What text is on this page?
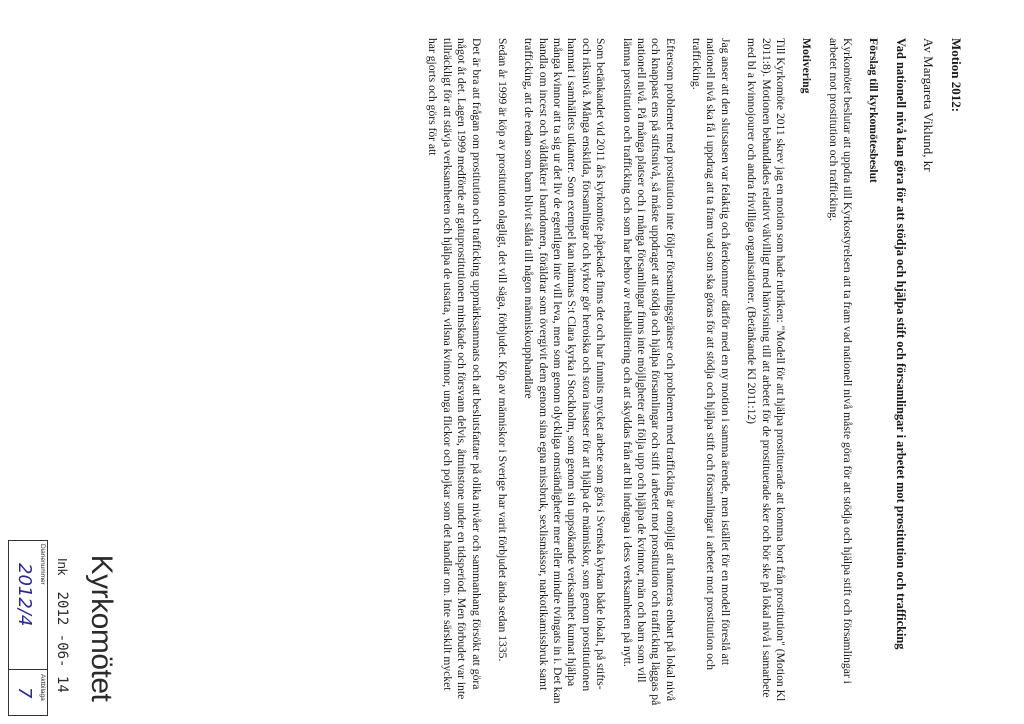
Motion 2012:

Av Margareta Viklund, kr

Vad nationell nivå kan göra för att stödja och hjälpa stift och församlingar i arbetet mot prostitution och trafficking

Förslag till kyrkomötesbeslut

Kyrkomötet beslutar att uppdra till Kyrkostyrelsen att ta fram vad nationell nivå måste göra för att stödja och hjälpa stift och församlingar i arbetet mot prostitution och trafficking.

Motivering

Till Kyrkomöte 2011 skrev jag en motion som hade rubriken: "Modell för att hjälpa prostituerade att komma bort från prostitution" (Motion Kl 2011:8). Motionen behandlades relativt välvilligt med hänvisning till att arbetet för de prostituerade sker och bör ske på lokal nivå i samarbete med bl a kvinnojourer och andra frivilliga organisationer. (Betänkande Kl 2011:12)

Jag anser att den slutsatsen var felaktig och återkommer därför med en ny motion i samma ärende, men istället för en modell föreslå att nationell nivå ska få i uppdrag att ta fram vad som ska göras för att stödja och hjälpa stift och församlingar i arbetet mot prostitution och trafficking.

Eftersom problemet med prostitution inte följer församlingsgränser och problemen med trafficking är omöjligt att hanteras enbart på lokal nivå och knappast ens på stiftsnivå, så måste uppdraget att stödja och hjälpa församlingar och stift i arbetet mot prostitution och trafficking läggas på nationell nivå. På många platser och i många församlingar finns inte möjligheter att följa upp och hjälpa de kvinnor, män och barn som vill lämna prostitution och trafficking och som har behov av rehabilitering och att skyddas från att bli indragna i dess verksamheten på nytt.

Som betänkandet vid 2011 års kyrkomöte påpekade finns det och har funnits mycket arbete som görs i Svenska kyrkan både lokalt, på stifts- och riksnivå. Många enskilda, församlingar och kyrkor gör heroiska och stora insatser för att hjälpa de människor, som genom prostitutionen hamnat i samhällets utkanter. Som exempel kan nämnas S:t Clara kyrka i Stockholm, som genom sin uppsökande verksamhet kunnat hjälpa många kvinnor att ta sig ur det liv de egentligen inte vill leva, men som genom olyckliga omständigheter mer eller mindre tvingats in i. Det kan handla om incest och våldtäkter i barndomen, föräldrar som övergivit dem genom sina egna missbruk, sexlismässor, narkotikamissbruk samt trafficking, att de redan som barn blivit sålda till någon människoupphandlare

Sedan år 1999 är köp av prostitution olagligt, det vill säga, förbjudet. Köp av människor i Sverige har varit förbjudet ända sedan 1335.

Det är bra att frågan om prostitution och trafficking uppmärksammats och att beslutsfattare på olika nivåer och sammanhang försökt att göra något åt det. Lagen 1999 medförde att gatuprostitutionen minskade och försvann delvis, åtminstone under en tidsperiod. Men förbudet var inte tillräckligt för att stävja verksamheten och hjälpa de utsatta, vilsna kvinnor, unga flickor och pojkar som det handlar om. Inte särskilt mycket har gjorts och görs för att

Kyrkomötet
Ink 2012 -06- 14
Diarienummer
2012/4
Aktbilaga
7
